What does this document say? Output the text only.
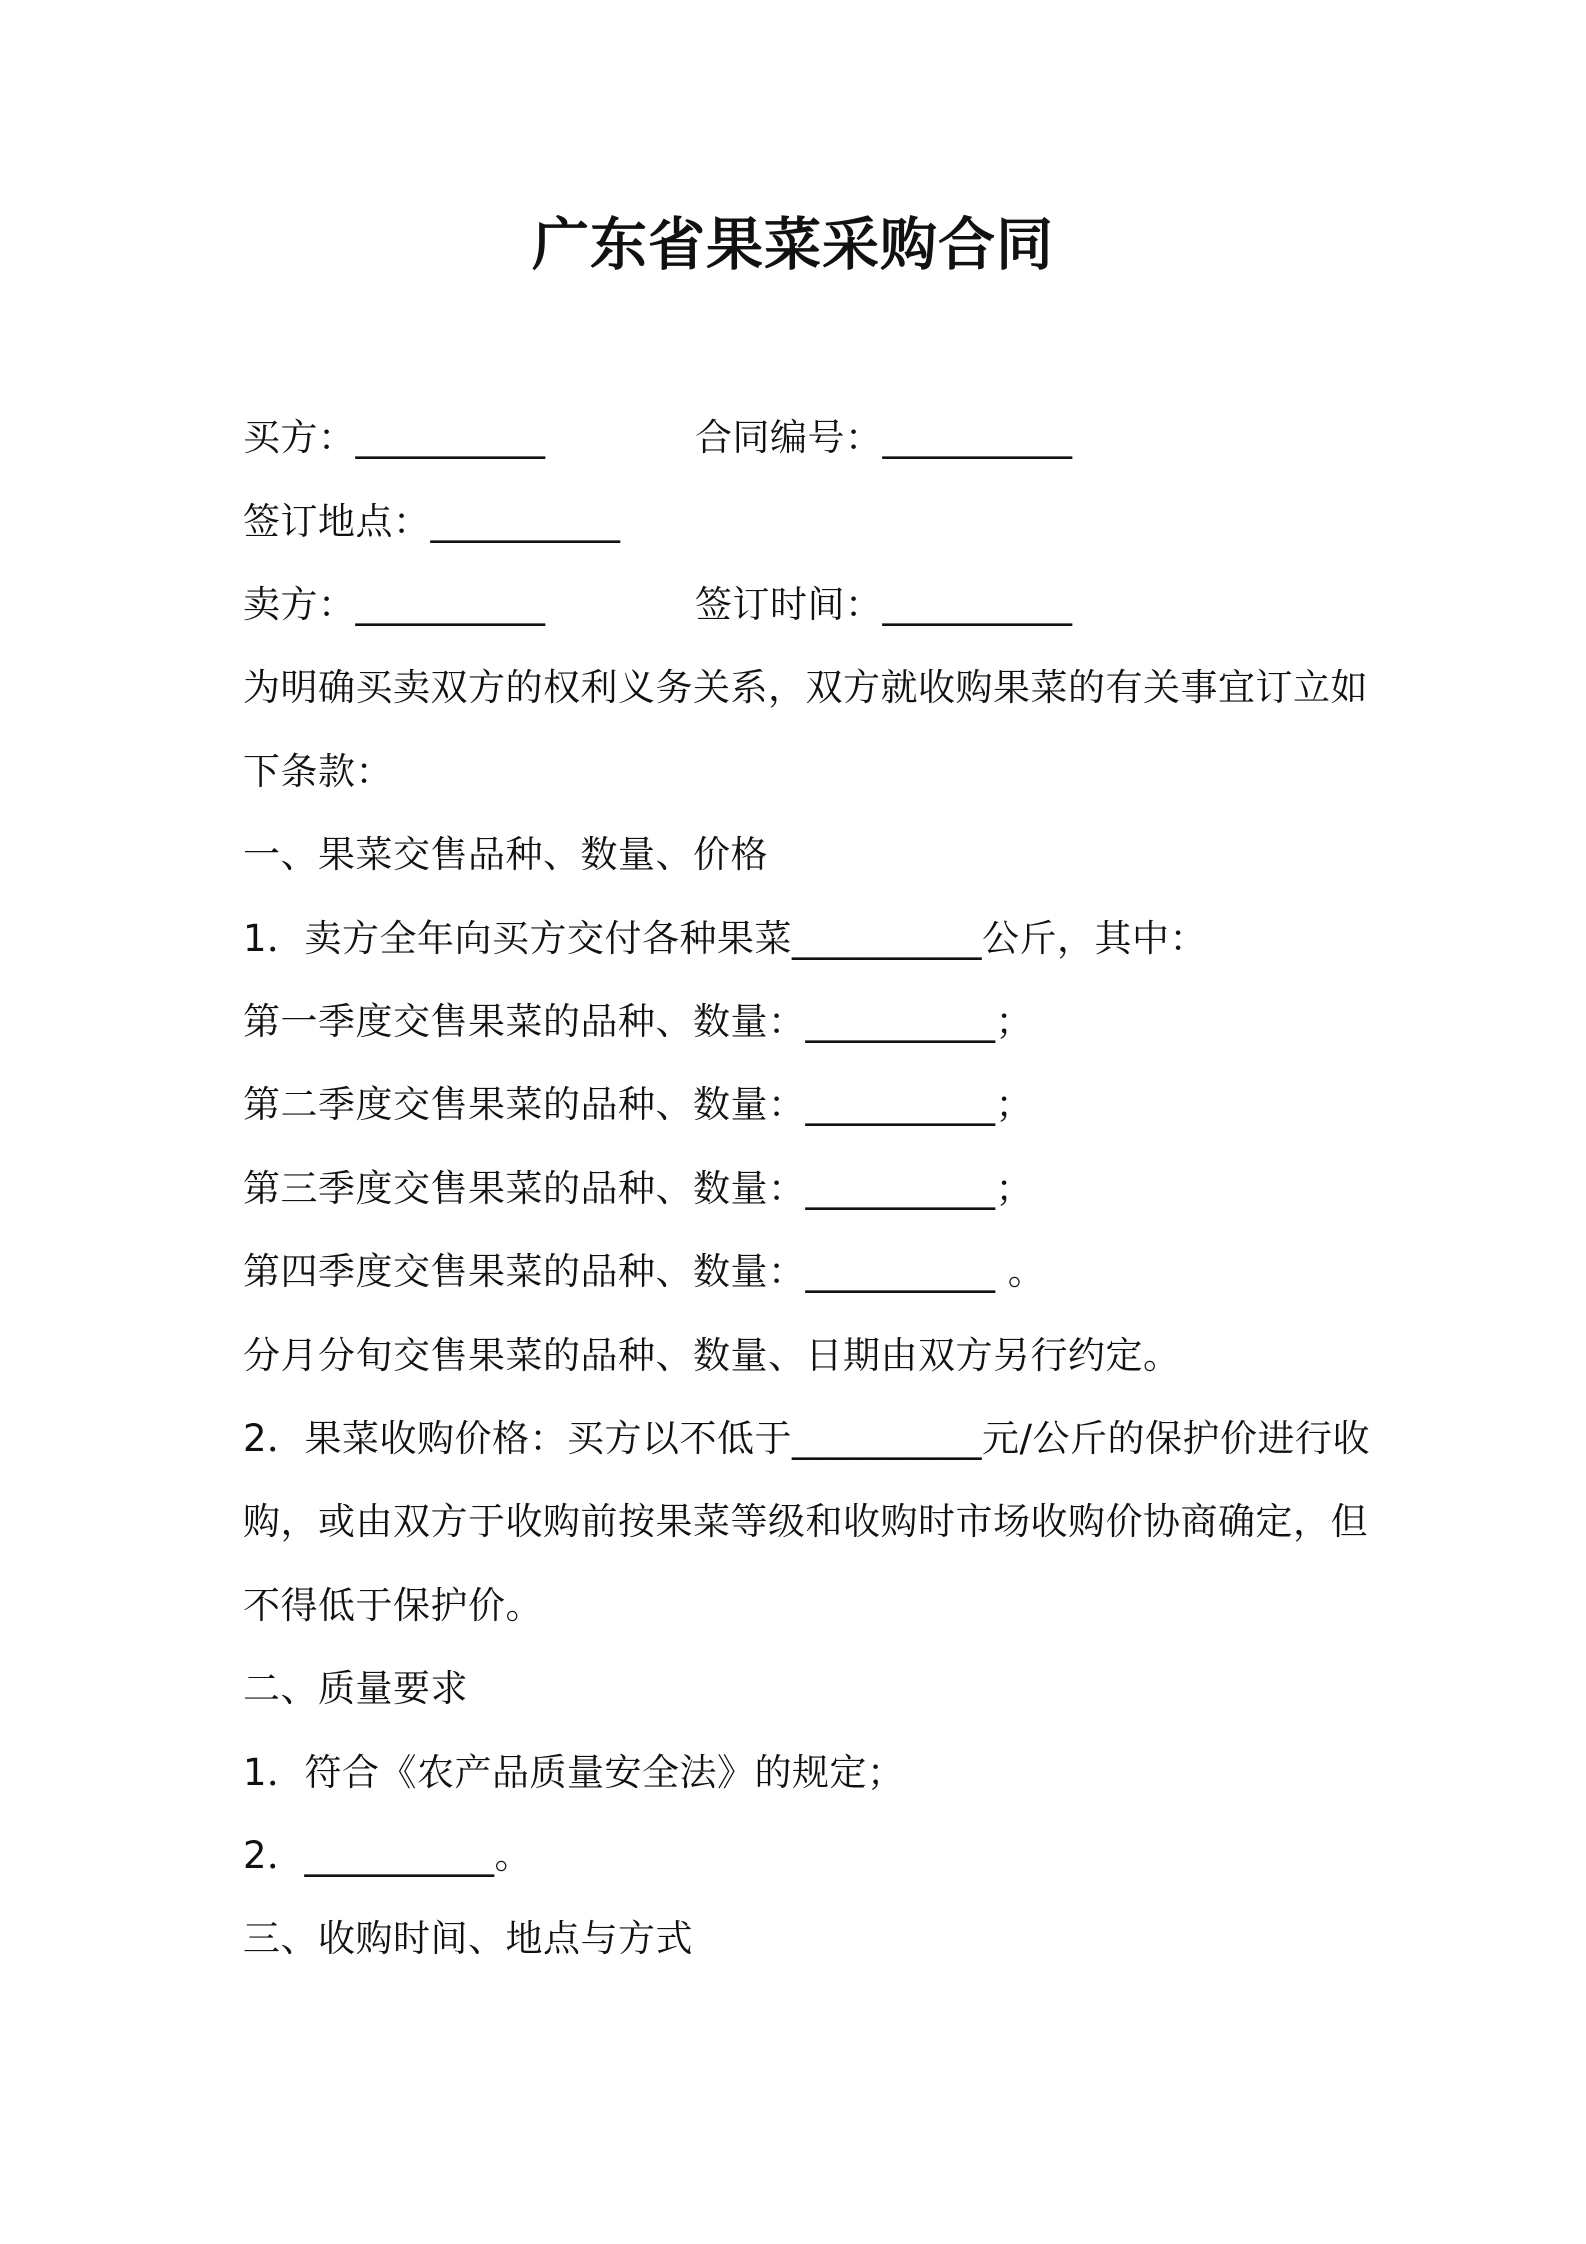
广东省果菜采购合同
买方：__________	合同编号：__________
签订地点：__________
卖方：__________	签订时间：__________
为明确买卖双方的权利义务关系，双方就收购果菜的有关事宜订立如
下条款：
一、果菜交售品种、数量、价格
1．卖方全年向买方交付各种果菜__________公斤，其中：
第一季度交售果菜的品种、数量：__________；
第二季度交售果菜的品种、数量：__________；
第三季度交售果菜的品种、数量：__________；
第四季度交售果菜的品种、数量：__________ 。
分月分旬交售果菜的品种、数量、日期由双方另行约定。
2．果菜收购价格：买方以不低于__________元/公斤的保护价进行收
购，或由双方于收购前按果菜等级和收购时市场收购价协商确定，但
不得低于保护价。
二、质量要求
1．符合《农产品质量安全法》的规定；
2．__________。
三、收购时间、地点与方式
